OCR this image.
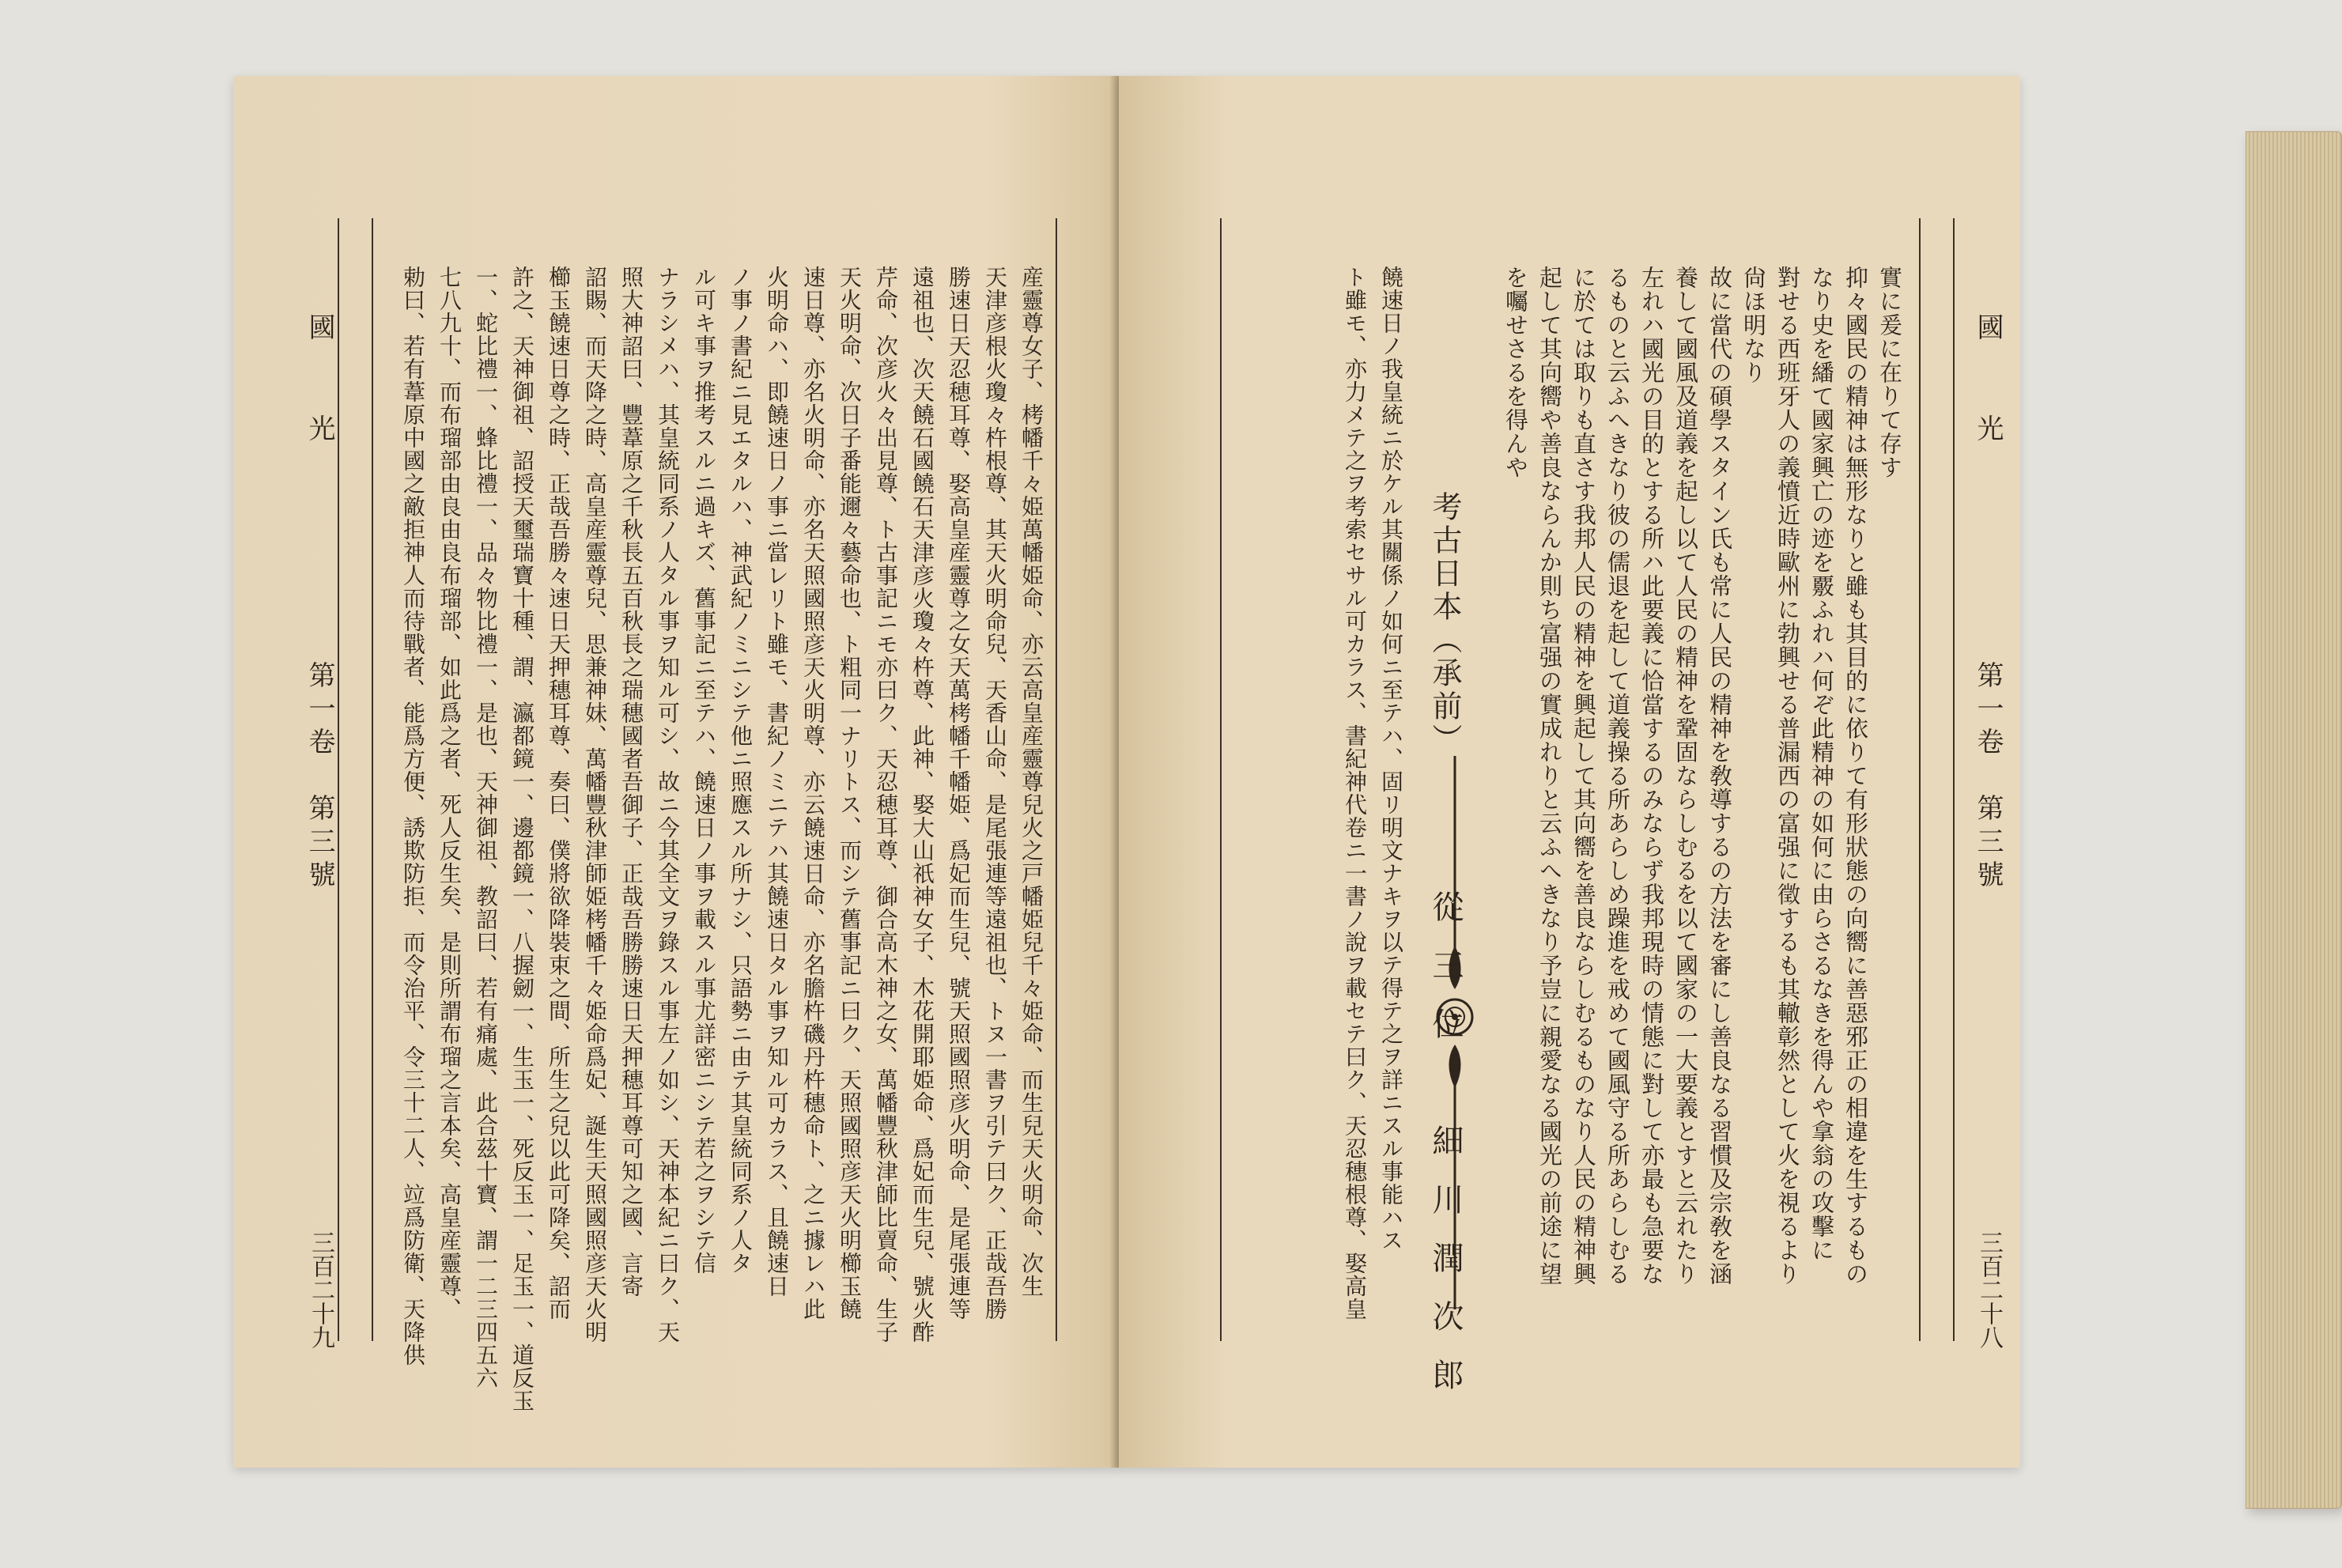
産靈尊女子、栲幡千々姫萬幡姫命、亦云高皇産靈尊兒火之戸幡姫兒千々姫命、而生兒天火明命、次生
天津彦根火瓊々杵根尊、其天火明命兒、天香山命、是尾張連等遠祖也、トヌ一書ヲ引テ曰ク、正哉吾勝
勝速日天忍穂耳尊、娶高皇産靈尊之女天萬栲幡千幡姫、爲妃而生兒、號天照國照彦火明命、是尾張連等
遠祖也、次天饒石國饒石天津彦火瓊々杵尊、此神、娶大山祇神女子、木花開耶姫命、爲妃而生兒、號火酢
芹命、次彦火々出見尊、ト古事記ニモ亦曰ク、天忍穂耳尊、御合高木神之女、萬幡豐秋津師比賣命、生子
天火明命、次日子番能邇々藝命也、ト粗同一ナリトス、而シテ舊事記ニ曰ク、天照國照彦天火明櫛玉饒
速日尊、亦名火明命、亦名天照國照彦天火明尊、亦云饒速日命、亦名膽杵磯丹杵穗命ト、之ニ據レハ此
火明命ハ、即饒速日ノ事ニ當レリト雖モ、書紀ノミニテハ其饒速日タル事ヲ知ル可カラス、且饒速日
ノ事ノ書紀ニ見エタルハ、神武紀ノミニシテ他ニ照應スル所ナシ、只語勢ニ由テ其皇統同系ノ人タ
ル可キ事ヲ推考スルニ過キズ、舊事記ニ至テハ、饒速日ノ事ヲ載スル事尤詳密ニシテ若之ヲシテ信
ナラシメハ、其皇統同系ノ人タル事ヲ知ル可シ、故ニ今其全文ヲ錄スル事左ノ如シ、天神本紀ニ曰ク、天
照大神詔曰、豐葦原之千秋長五百秋長之瑞穗國者吾御子、正哉吾勝勝速日天押穗耳尊可知之國、言寄
詔賜、而天降之時、高皇産靈尊兒、思兼神妹、萬幡豐秋津師姫栲幡千々姫命爲妃、誕生天照國照彦天火明
櫛玉饒速日尊之時、正哉吾勝々速日天押穗耳尊、奏曰、僕將欲降裝束之間、所生之兒以此可降矣、詔而
許之、天神御祖、詔授天璽瑞寶十種、謂、瀛都鏡一、邊都鏡一、八握劒一、生玉一、死反玉一、足玉一、道反玉
一、蛇比禮一、蜂比禮一、品々物比禮一、是也、天神御祖、教詔曰、若有痛處、此合茲十寶、謂一二三四五六
七八九十、而布瑠部由良由良布瑠部、如此爲之者、死人反生矣、是則所謂布瑠之言本矣、高皇産靈尊、
勅曰、若有葦原中國之敵拒神人而待戰者、能爲方便、誘欺防拒、而令治平、令三十二人、竝爲防衛、天降供
國　光
第一卷　第三號
三百二十九
國　光
第一卷　第三號
三百二十八
實に爰に在りて存す
抑々國民の精神は無形なりと雖も其目的に依りて有形狀態の向嚮に善惡邪正の相違を生するもの
なり史を繙て國家興亡の迹を覈ふれハ何ぞ此精神の如何に由らさるなきを得んや拿翁の攻擊に
對せる西班牙人の義憤近時歐州に勃興せる普漏西の富强に徵するも其轍彰然として火を視るより
尙ほ明なり
故に當代の碩學スタイン氏も常に人民の精神を敎導するの方法を審にし善良なる習慣及宗敎を涵
養して國風及道義を起し以て人民の精神を鞏固ならしむるを以て國家の一大要義とすと云れたり
左れハ國光の目的とする所ハ此要義に恰當するのみならず我邦現時の情態に對して亦最も急要な
るものと云ふへきなり彼の儒退を起して道義操る所あらしめ躁進を戒めて國風守る所あらしむる
に於ては取りも直さす我邦人民の精神を興起して其向嚮を善良ならしむるものなり人民の精神興
起して其向嚮や善良ならんか則ち富强の實成れりと云ふへきなり予豈に親愛なる國光の前途に望
を囑せさるを得んや
考古日本（承前）
從三位　細川潤次郎
饒速日ノ我皇統ニ於ケル其關係ノ如何ニ至テハ、固リ明文ナキヲ以テ得テ之ヲ詳ニスル事能ハス
ト雖モ、亦力メテ之ヲ考索セサル可カラス、書紀神代卷ニ一書ノ說ヲ載セテ曰ク、天忍穗根尊、娶高皇
